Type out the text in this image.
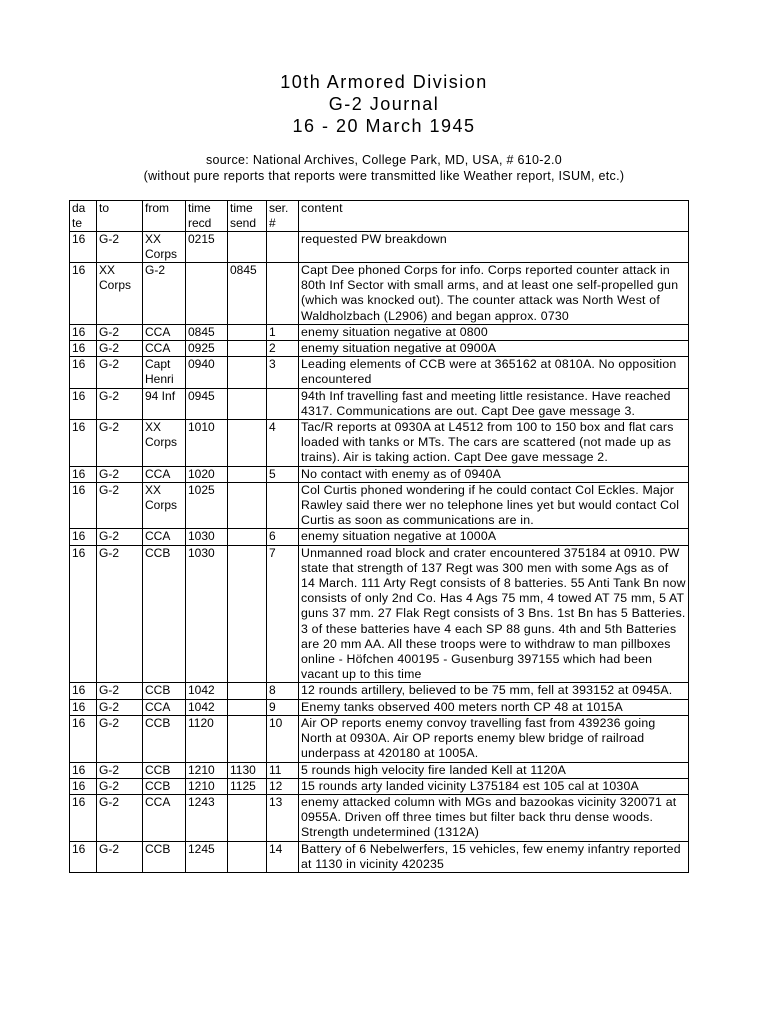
10th Armored Division
G-2 Journal
16 - 20 March 1945
source: National Archives, College Park, MD, USA, # 610-2.0
(without pure reports that reports were transmitted like Weather report, ISUM, etc.)
da te	to	from	time recd	time send	ser. #	content
16	G-2	XX Corps	0215			requested PW breakdown
16	XX Corps	G-2		0845		Capt Dee phoned Corps for info. Corps reported counter attack in 80th Inf Sector with small arms, and at least one self-propelled gun (which was knocked out). The counter attack was North West of Waldholzbach (L2906) and began approx. 0730
16	G-2	CCA	0845		1	enemy situation negative at 0800
16	G-2	CCA	0925		2	enemy situation negative at 0900A
16	G-2	Capt Henri	0940		3	Leading elements of CCB were at 365162 at 0810A. No opposition encountered
16	G-2	94 Inf	0945			94th Inf travelling fast and meeting little resistance. Have reached 4317. Communications are out. Capt Dee gave message 3.
16	G-2	XX Corps	1010		4	Tac/R reports at 0930A at L4512 from 100 to 150 box and flat cars loaded with tanks or MTs. The cars are scattered (not made up as trains). Air is taking action. Capt Dee gave message 2.
16	G-2	CCA	1020		5	No contact with enemy as of 0940A
16	G-2	XX Corps	1025			Col Curtis phoned wondering if he could contact Col Eckles. Major Rawley said there wer no telephone lines yet but would contact Col Curtis as soon as communications are in.
16	G-2	CCA	1030		6	enemy situation negative at 1000A
16	G-2	CCB	1030		7	Unmanned road block and crater encountered 375184 at 0910. PW state that strength of 137 Regt was 300 men with some Ags as of 14 March. 111 Arty Regt consists of 8 batteries. 55 Anti Tank Bn now consists of only 2nd Co. Has 4 Ags 75 mm, 4 towed AT 75 mm, 5 AT guns 37 mm. 27 Flak Regt consists of 3 Bns. 1st Bn has 5 Batteries. 3 of these batteries have 4 each SP 88 guns. 4th and 5th Batteries are 20 mm AA. All these troops were to withdraw to man pillboxes online - Höfchen 400195 - Gusenburg 397155 which had been vacant up to this time
16	G-2	CCB	1042		8	12 rounds artillery, believed to be 75 mm, fell at 393152 at 0945A.
16	G-2	CCA	1042		9	Enemy tanks observed 400 meters north CP 48 at 1015A
16	G-2	CCB	1120		10	Air OP reports enemy convoy travelling fast from 439236 going North at 0930A. Air OP reports enemy blew bridge of railroad underpass at 420180 at 1005A.
16	G-2	CCB	1210	1130	11	5 rounds high velocity fire landed Kell at 1120A
16	G-2	CCB	1210	1125	12	15 rounds arty landed vicinity L375184 est 105 cal at 1030A
16	G-2	CCA	1243		13	enemy attacked column with MGs and bazookas vicinity 320071 at 0955A. Driven off three times but filter back thru dense woods. Strength undetermined (1312A)
16	G-2	CCB	1245		14	Battery of 6 Nebelwerfers, 15 vehicles, few enemy infantry reported at 1130 in vicinity 420235
